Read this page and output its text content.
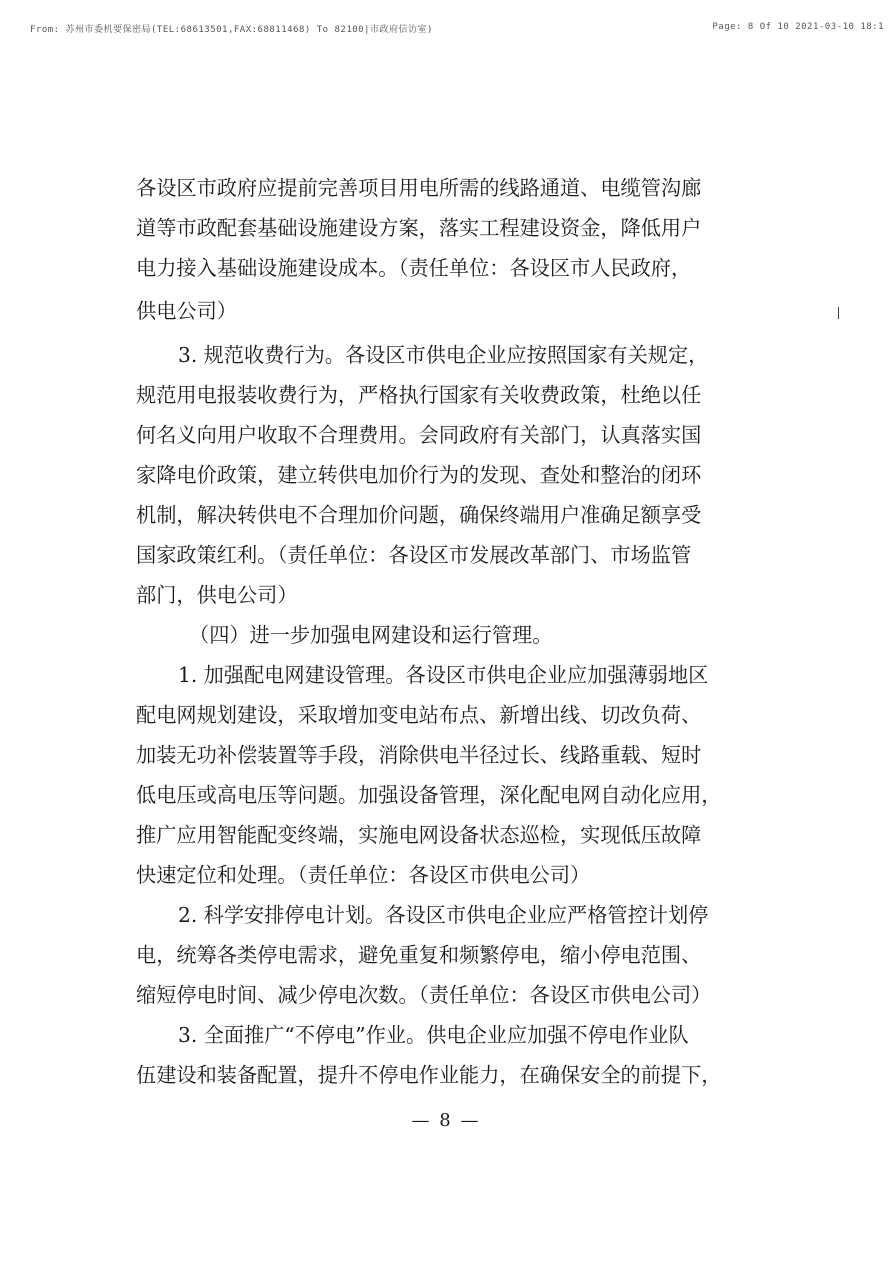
From: 苏州市委机要保密局(TEL:68613501,FAX:68811468) To 82100|市政府信访室)	Page: 8 Of 10 2021-03-10 18:1
各设区市政府应提前完善项目用电所需的线路通道、电缆管沟廊
道等市政配套基础设施建设方案，落实工程建设资金，降低用户
电力接入基础设施建设成本。（责任单位：各设区市人民政府，
供电公司）
3. 规范收费行为。各设区市供电企业应按照国家有关规定，
规范用电报装收费行为，严格执行国家有关收费政策，杜绝以任
何名义向用户收取不合理费用。会同政府有关部门，认真落实国
家降电价政策，建立转供电加价行为的发现、查处和整治的闭环
机制，解决转供电不合理加价问题，确保终端用户准确足额享受
国家政策红利。（责任单位：各设区市发展改革部门、市场监管
部门，供电公司）
（四）进一步加强电网建设和运行管理。
1. 加强配电网建设管理。各设区市供电企业应加强薄弱地区
配电网规划建设，采取增加变电站布点、新增出线、切改负荷、
加装无功补偿装置等手段，消除供电半径过长、线路重载、短时
低电压或高电压等问题。加强设备管理，深化配电网自动化应用，
推广应用智能配变终端，实施电网设备状态巡检，实现低压故障
快速定位和处理。（责任单位：各设区市供电公司）
2. 科学安排停电计划。各设区市供电企业应严格管控计划停
电，统筹各类停电需求，避免重复和频繁停电，缩小停电范围、
缩短停电时间、减少停电次数。（责任单位：各设区市供电公司）
3. 全面推广“不停电”作业。供电企业应加强不停电作业队
伍建设和装备配置，提升不停电作业能力，在确保安全的前提下，
— 8 —
